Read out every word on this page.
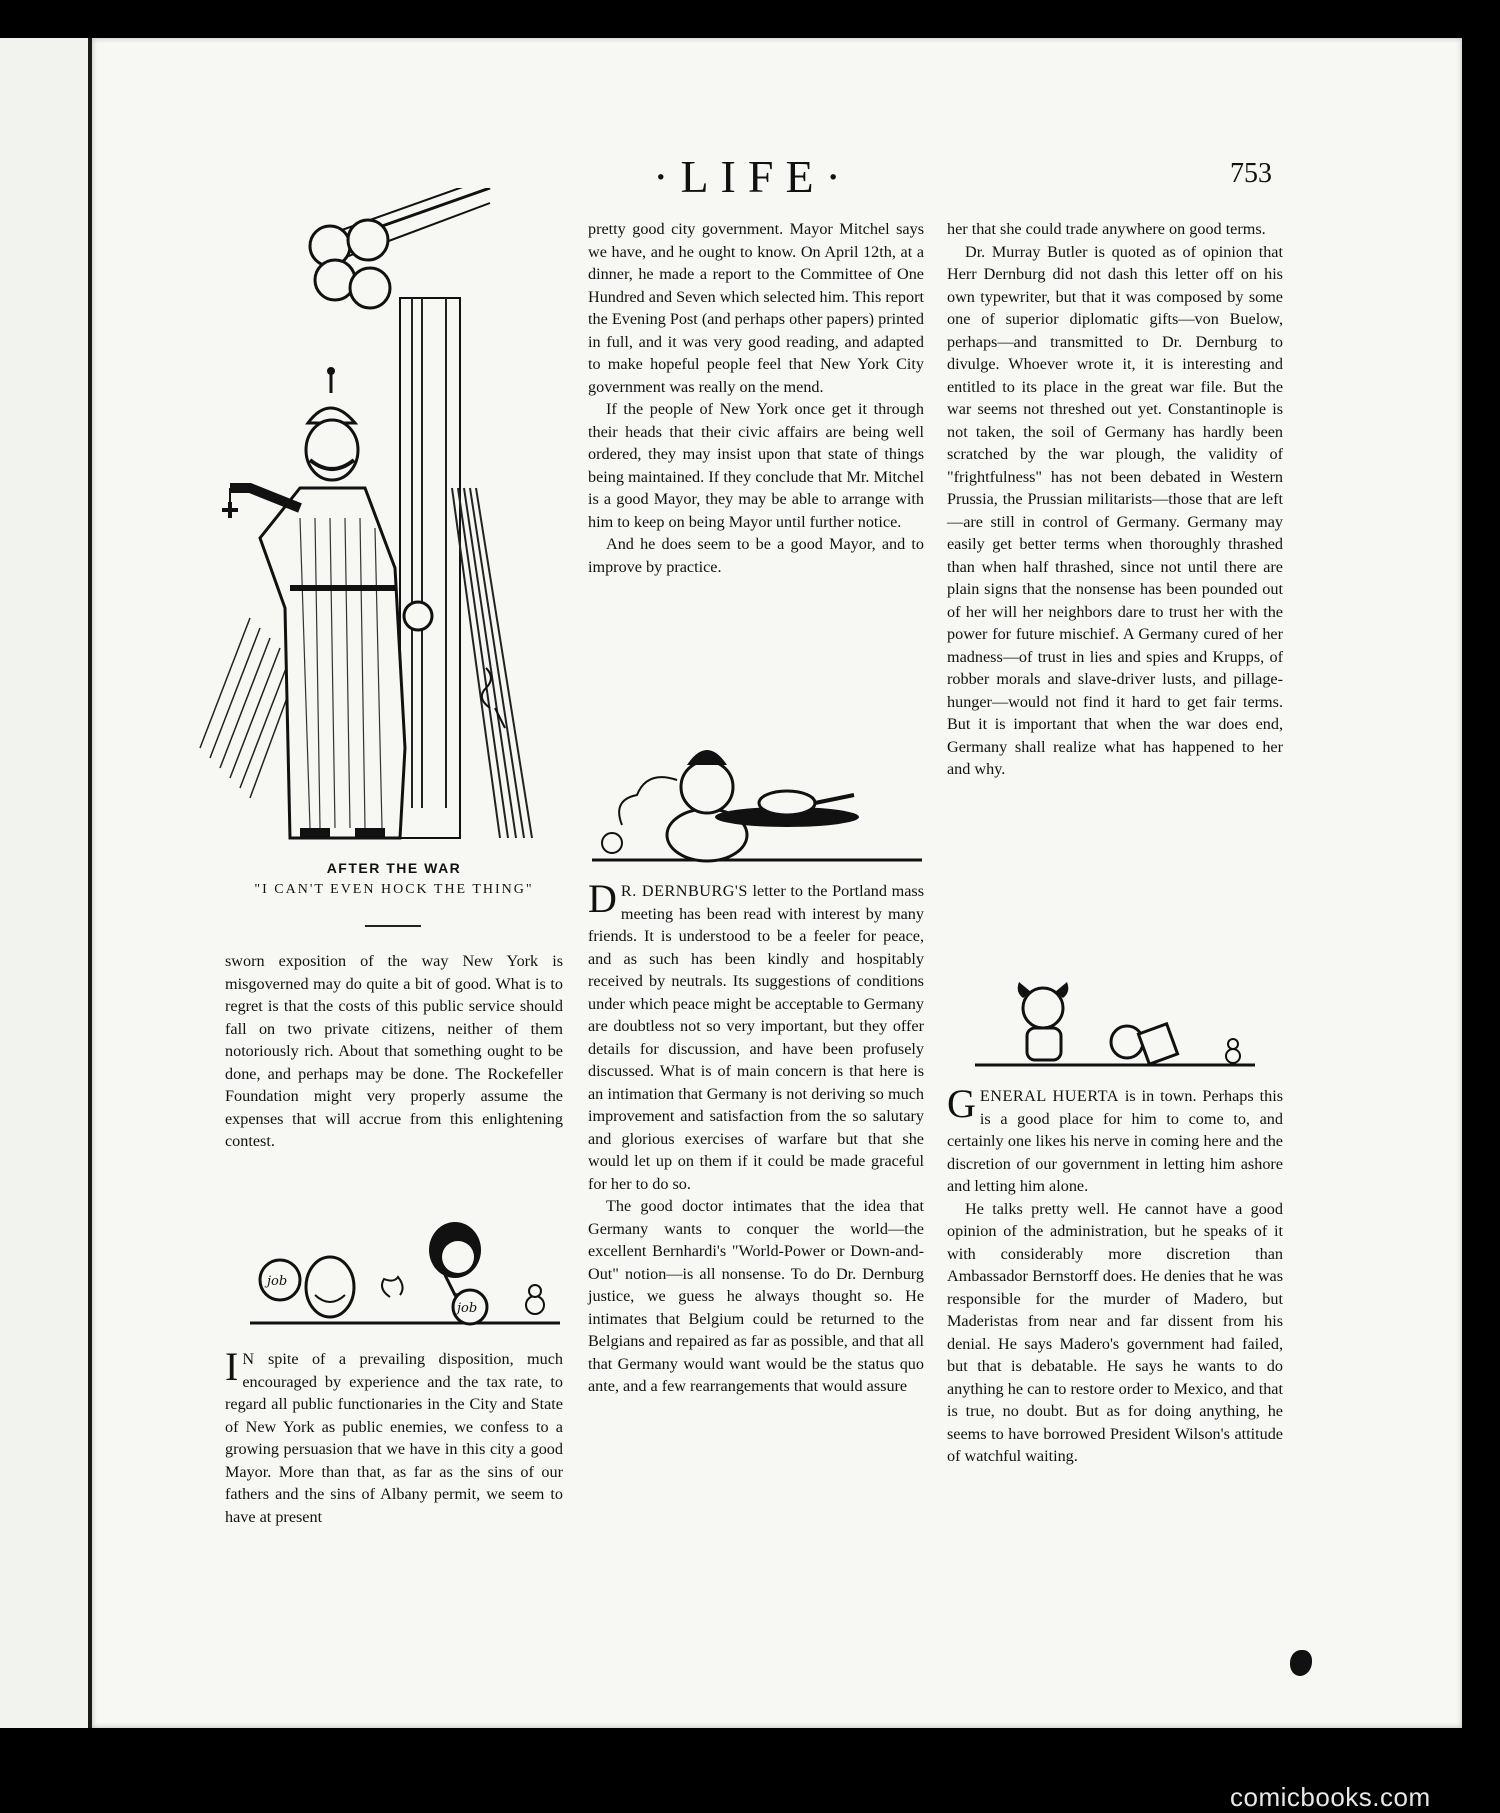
·LIFE·	753
AFTER THE WAR
"I CAN'T EVEN HOCK THE THING"

sworn exposition of the way New York is misgoverned may do quite a bit of good. What is to regret is that the costs of this public service should fall on two private citizens, neither of them notoriously rich. About that something ought to be done, and perhaps may be done. The Rockefeller Foundation might very properly assume the expenses that will accrue from this enlightening contest.

job
job

I N spite of a prevailing disposition, much encouraged by experience and the tax rate, to regard all public functionaries in the City and State of New York as public enemies, we confess to a growing persuasion that we have in this city a good Mayor. More than that, as far as the sins of our fathers and the sins of Albany permit, we seem to have at present

pretty good city government. Mayor Mitchel says we have, and he ought to know. On April 12th, at a dinner, he made a report to the Committee of One Hundred and Seven which selected him. This report the Evening Post (and perhaps other papers) printed in full, and it was very good reading, and adapted to make hopeful people feel that New York City government was really on the mend.

If the people of New York once get it through their heads that their civic affairs are being well ordered, they may insist upon that state of things being maintained. If they conclude that Mr. Mitchel is a good Mayor, they may be able to arrange with him to keep on being Mayor until further notice.

And he does seem to be a good Mayor, and to improve by practice.

D R. DERNBURG'S letter to the Portland mass meeting has been read with interest by many friends. It is understood to be a feeler for peace, and as such has been kindly and hospitably received by neutrals. Its suggestions of conditions under which peace might be acceptable to Germany are doubtless not so very important, but they offer details for discussion, and have been profusely discussed. What is of main concern is that here is an intimation that Germany is not deriving so much improvement and satisfaction from the so salutary and glorious exercises of warfare but that she would let up on them if it could be made graceful for her to do so.

The good doctor intimates that the idea that Germany wants to conquer the world—the excellent Bernhardi's "World-Power or Down-and-Out" notion—is all nonsense. To do Dr. Dernburg justice, we guess he always thought so. He intimates that Belgium could be returned to the Belgians and repaired as far as possible, and that all that Germany would want would be the status quo ante, and a few rearrangements that would assure

her that she could trade anywhere on good terms.

Dr. Murray Butler is quoted as of opinion that Herr Dernburg did not dash this letter off on his own typewriter, but that it was composed by some one of superior diplomatic gifts—von Buelow, perhaps—and transmitted to Dr. Dernburg to divulge. Whoever wrote it, it is interesting and entitled to its place in the great war file. But the war seems not threshed out yet. Constantinople is not taken, the soil of Germany has hardly been scratched by the war plough, the validity of "frightfulness" has not been debated in Western Prussia, the Prussian militarists—those that are left—are still in control of Germany. Germany may easily get better terms when thoroughly thrashed than when half thrashed, since not until there are plain signs that the nonsense has been pounded out of her will her neighbors dare to trust her with the power for future mischief. A Germany cured of her madness—of trust in lies and spies and Krupps, of robber morals and slave-driver lusts, and pillage-hunger—would not find it hard to get fair terms. But it is important that when the war does end, Germany shall realize what has happened to her and why.

GENERAL HUERTA is in town. Perhaps this is a good place for him to come to, and certainly one likes his nerve in coming here and the discretion of our government in letting him ashore and letting him alone.

He talks pretty well. He cannot have a good opinion of the administration, but he speaks of it with considerably more discretion than Ambassador Bernstorff does. He denies that he was responsible for the murder of Madero, but Maderistas from near and far dissent from his denial. He says Madero's government had failed, but that is debatable. He says he wants to do anything he can to restore order to Mexico, and that is true, no doubt. But as for doing anything, he seems to have borrowed President Wilson's attitude of watchful waiting.

comicbooks.com
